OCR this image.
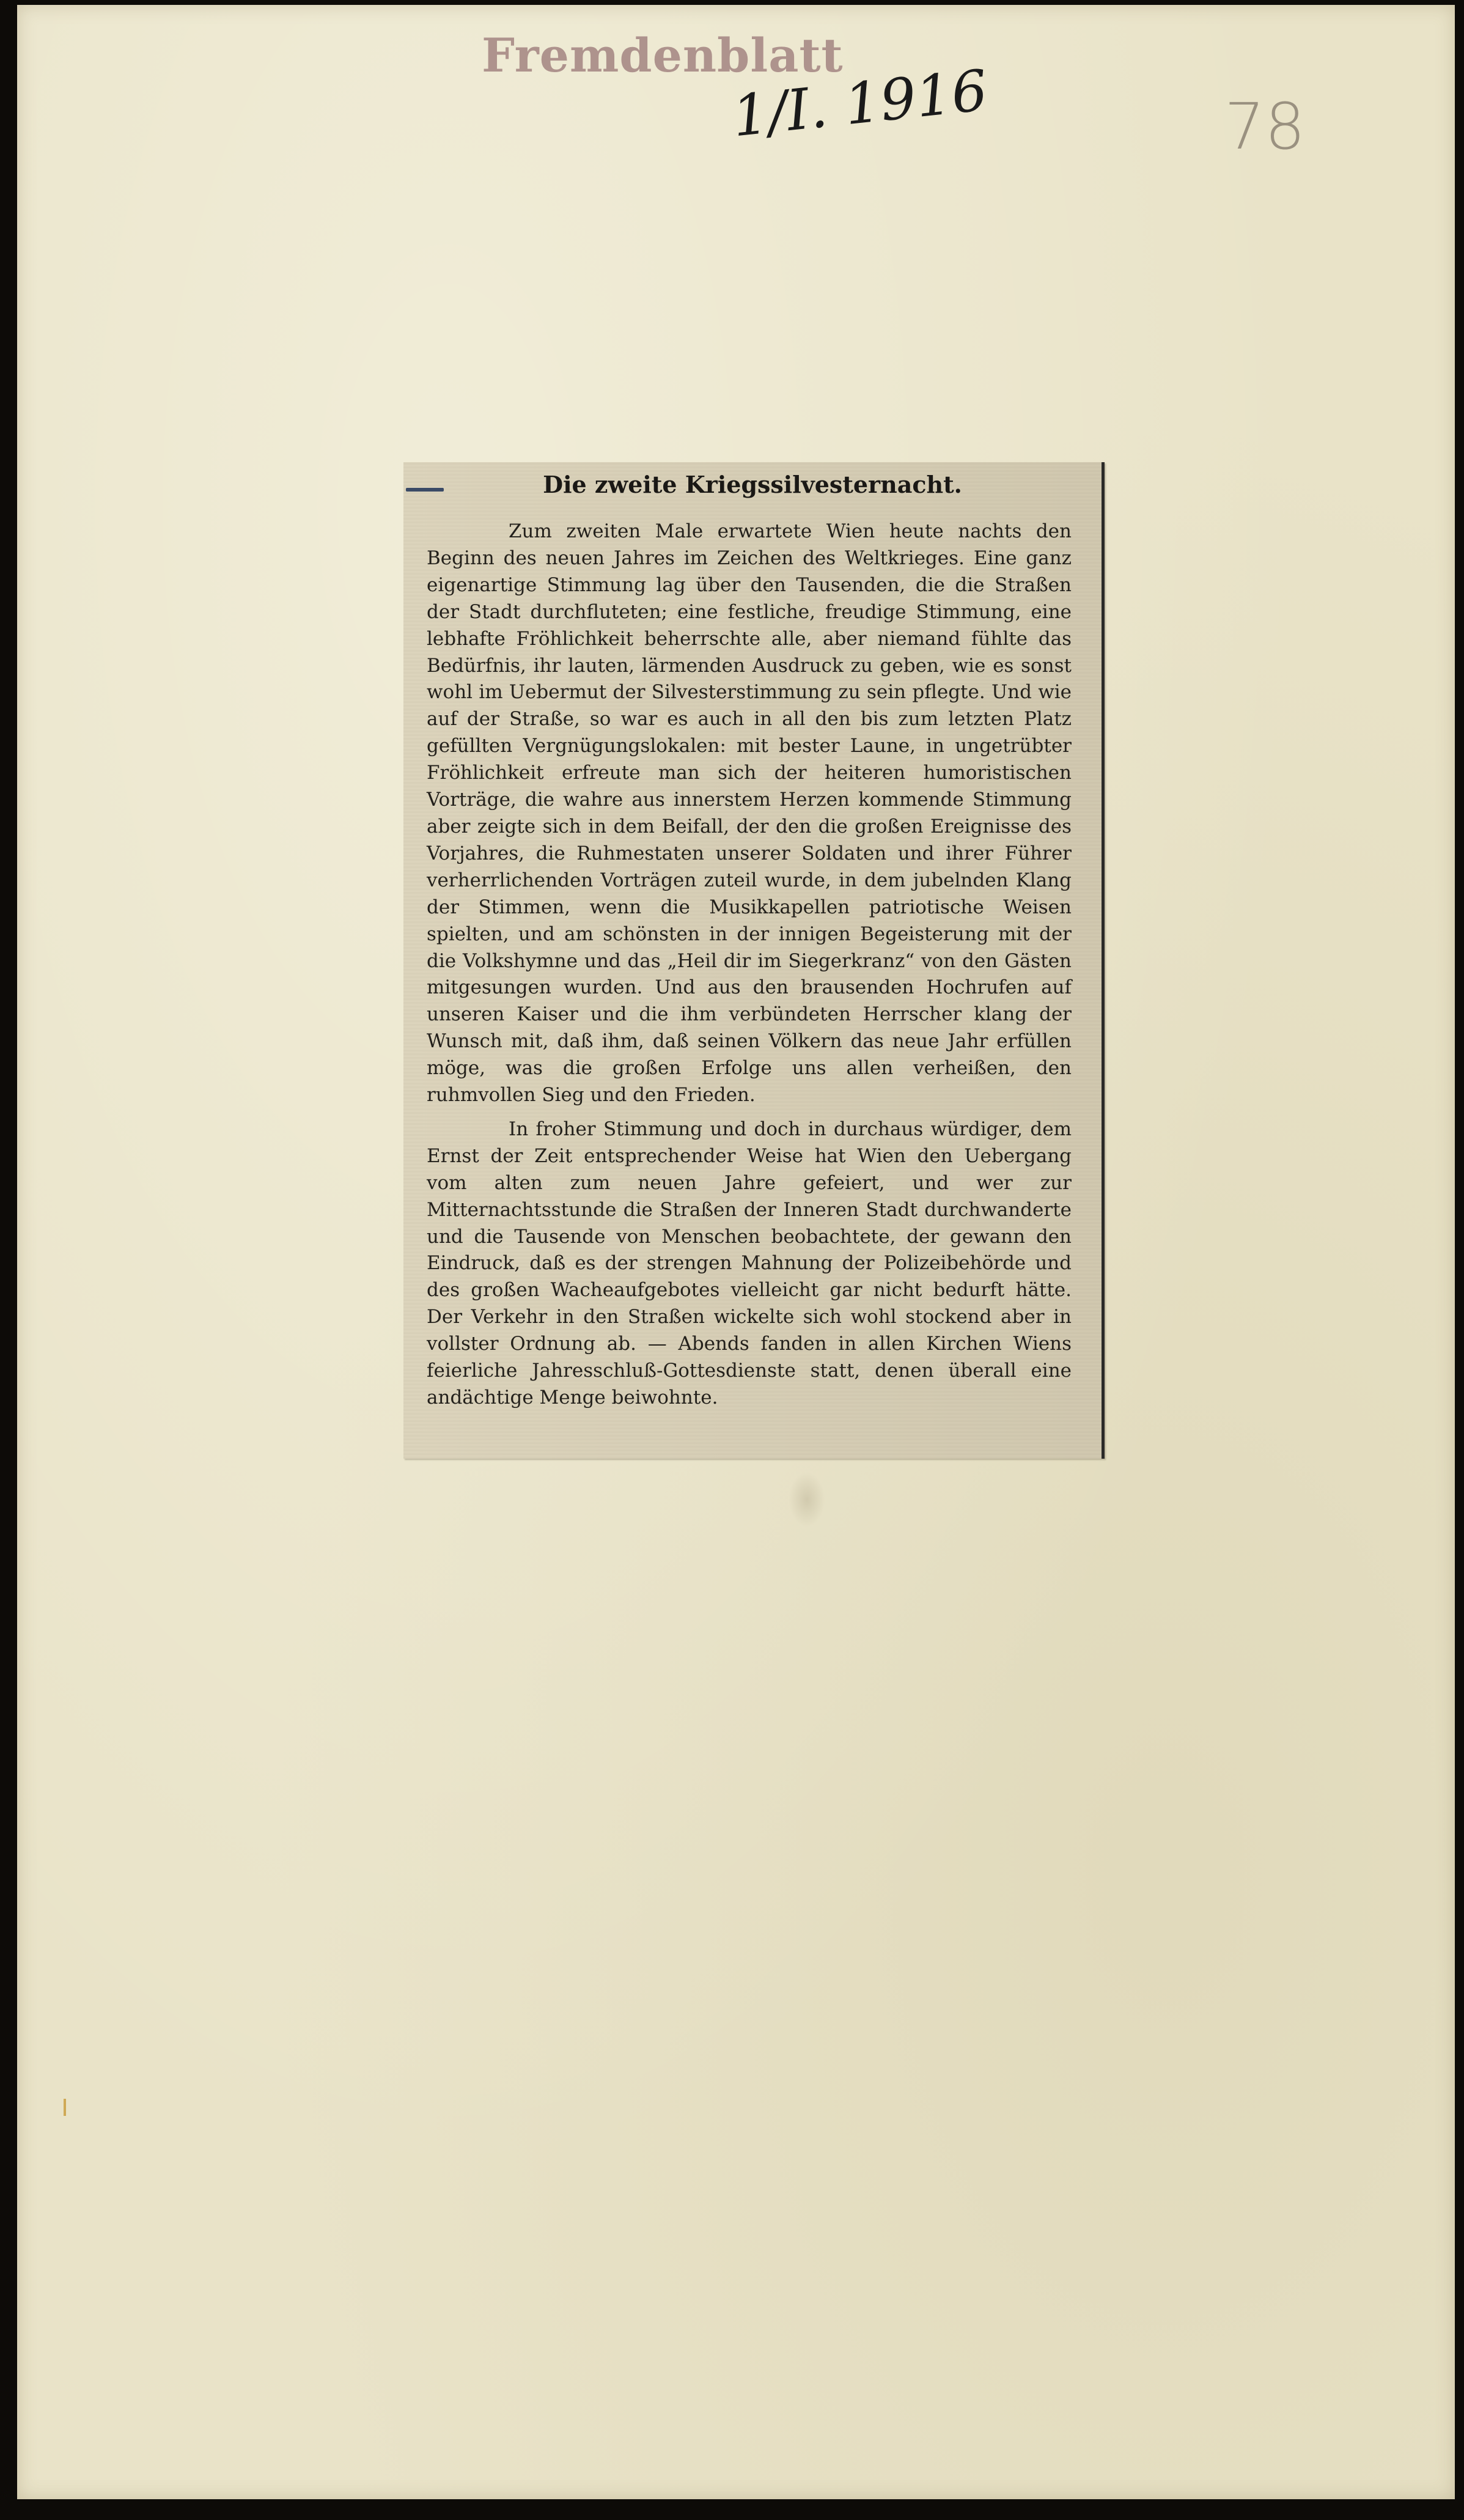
Fremdenblatt
1/I. 1916	78
Die zweite Kriegssilvesternacht.

Zum zweiten Male erwartete Wien heute nachts den Beginn des neuen Jahres im Zeichen des Weltkrieges. Eine ganz eigenartige Stimmung lag über den Tausenden, die die Straßen der Stadt durchfluteten; eine festliche, freudige Stimmung, eine lebhafte Fröhlichkeit beherrschte alle, aber niemand fühlte das Bedürfnis, ihr lauten, lärmenden Ausdruck zu geben, wie es sonst wohl im Uebermut der Silvesterstimmung zu sein pflegte. Und wie auf der Straße, so war es auch in all den bis zum letzten Platz gefüllten Vergnügungslokalen: mit bester Laune, in ungetrübter Fröhlichkeit erfreute man sich der heiteren humoristischen Vorträge, die wahre aus innerstem Herzen kommende Stimmung aber zeigte sich in dem Beifall, der den die großen Ereignisse des Vorjahres, die Ruhmestaten unserer Soldaten und ihrer Führer verherrlichenden Vorträgen zuteil wurde, in dem jubelnden Klang der Stimmen, wenn die Musikkapellen patriotische Weisen spielten, und am schönsten in der innigen Begeisterung mit der die Volkshymne und das „Heil dir im Siegerkranz“ von den Gästen mitgesungen wurden. Und aus den brausenden Hochrufen auf unseren Kaiser und die ihm verbündeten Herrscher klang der Wunsch mit, daß ihm, daß seinen Völkern das neue Jahr erfüllen möge, was die großen Erfolge uns allen verheißen, den ruhmvollen Sieg und den Frieden.

In froher Stimmung und doch in durchaus würdiger, dem Ernst der Zeit entsprechender Weise hat Wien den Uebergang vom alten zum neuen Jahre gefeiert, und wer zur Mitternachtsstunde die Straßen der Inneren Stadt durchwanderte und die Tausende von Menschen beobachtete, der gewann den Eindruck, daß es der strengen Mahnung der Polizeibehörde und des großen Wacheaufgebotes vielleicht gar nicht bedurft hätte. Der Verkehr in den Straßen wickelte sich wohl stockend aber in vollster Ordnung ab. — Abends fanden in allen Kirchen Wiens feierliche Jahresschluß-Gottesdienste statt, denen überall eine andächtige Menge beiwohnte.
